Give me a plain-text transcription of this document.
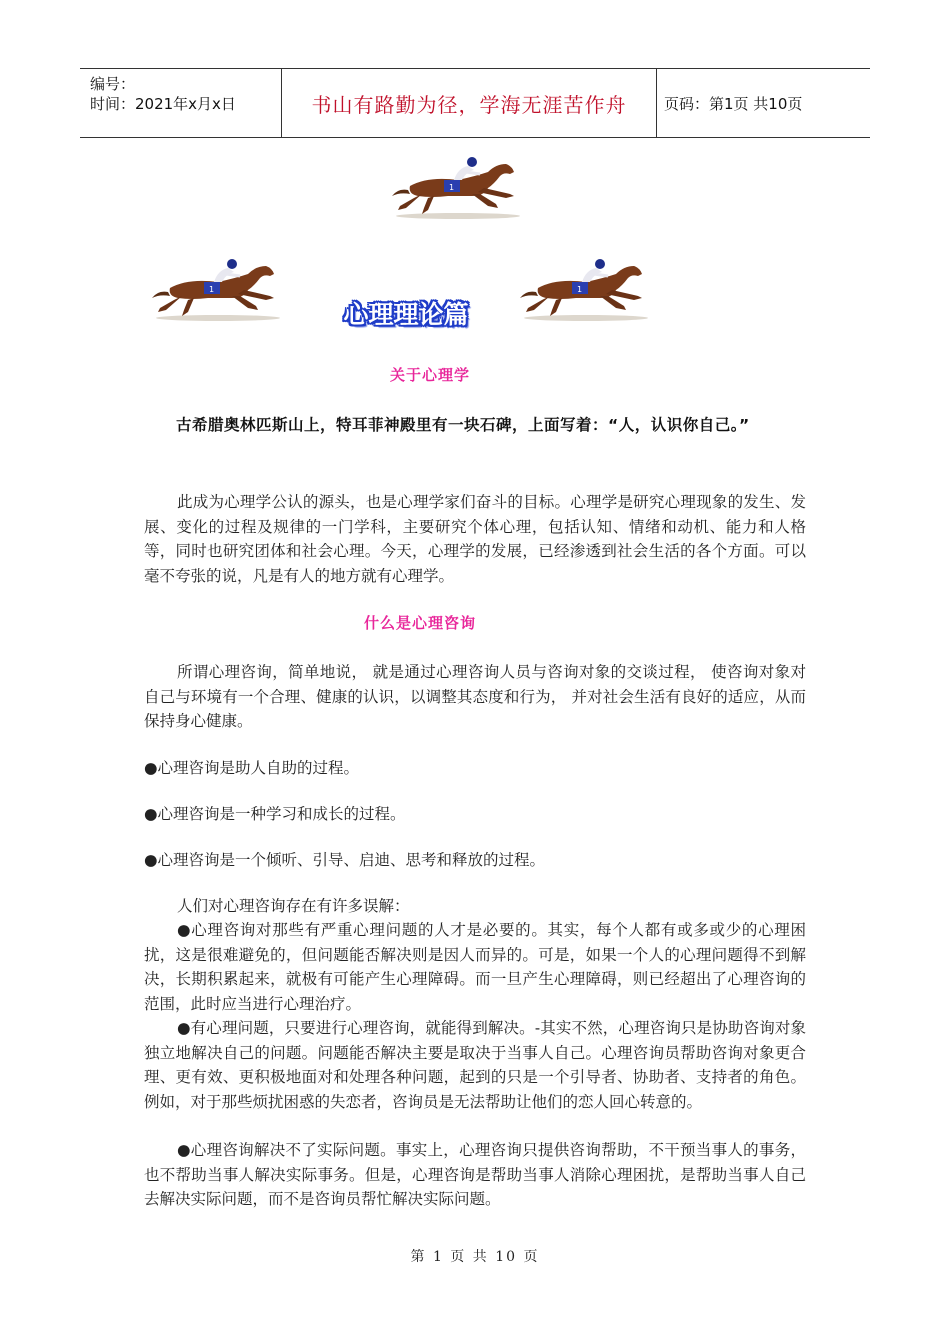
编号：
时间：2021年x月x日	书山有路勤为径，学海无涯苦作舟	页码：第1页 共10页
1
1	1
心理理论篇
关于心理学
古希腊奥林匹斯山上，特耳菲神殿里有一块石碑，上面写着：“人，认识你自己。”
此成为心理学公认的源头，也是心理学家们奋斗的目标。心理学是研究心理现象的发生、发展、变化的过程及规律的一门学科，主要研究个体心理，包括认知、情绪和动机、能力和人格等，同时也研究团体和社会心理。今天，心理学的发展，已经渗透到社会生活的各个方面。可以毫不夸张的说，凡是有人的地方就有心理学。
什么是心理咨询
所谓心理咨询，简单地说， 就是通过心理咨询人员与咨询对象的交谈过程， 使咨询对象对自己与环境有一个合理、健康的认识，以调整其态度和行为， 并对社会生活有良好的适应，从而保持身心健康。
●心理咨询是助人自助的过程。
●心理咨询是一种学习和成长的过程。
●心理咨询是一个倾听、引导、启迪、思考和释放的过程。
人们对心理咨询存在有许多误解：
●心理咨询对那些有严重心理问题的人才是必要的。其实，每个人都有或多或少的心理困扰，这是很难避免的，但问题能否解决则是因人而异的。可是，如果一个人的心理问题得不到解决，长期积累起来，就极有可能产生心理障碍。而一旦产生心理障碍，则已经超出了心理咨询的范围，此时应当进行心理治疗。
●有心理问题，只要进行心理咨询，就能得到解决。-其实不然，心理咨询只是协助咨询对象独立地解决自己的问题。问题能否解决主要是取决于当事人自己。心理咨询员帮助咨询对象更合理、更有效、更积极地面对和处理各种问题，起到的只是一个引导者、协助者、支持者的角色。例如，对于那些烦扰困惑的失恋者，咨询员是无法帮助让他们的恋人回心转意的。
●心理咨询解决不了实际问题。事实上，心理咨询只提供咨询帮助，不干预当事人的事务，也不帮助当事人解决实际事务。但是，心理咨询是帮助当事人消除心理困扰，是帮助当事人自己去解决实际问题，而不是咨询员帮忙解决实际问题。
第 1 页 共 10 页
